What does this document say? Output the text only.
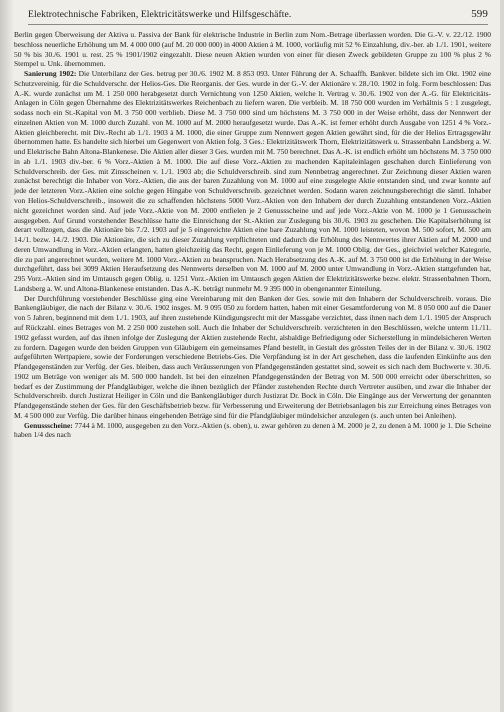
Elektrotechnische Fabriken, Elektricitätswerke und Hilfsgeschäfte.	599

Berlin gegen Überweisung der Aktiva u. Passiva der Bank für elektrische Industrie in Berlin zum Nom.-Betrage überlassen worden. Die G.-V. v. 22./12. 1900 beschloss neuerliche Erhöhung um M. 4 000 000 (auf M. 20 000 000) in 4000 Aktien à M. 1000, vorläufig mit 52 % Einzahlung, div.-ber. ab 1./1. 1901, weitere 50 % bis 30./6. 1901 u. rest. 25 % 1901/1902 eingezahlt. Diese neuen Aktien wurden von einer für diesen Zweck gebildeten Gruppe zu 100 % plus 2 % Stempel u. Unk. übernommen.

Sanierung 1902: Die Unterbilanz der Ges. betrug per 30./6. 1902 M. 8 853 093. Unter Führung der A. Schaaffh. Bankver. bildete sich im Okt. 1902 eine Schutzvereinig. für die Schuldverschr. der Helios-Ges. Die Reorganis. der Ges. wurde in der G.-V. der Aktionäre v. 28./10. 1902 in folg. Form beschlossen: Das A.-K. wurde zunächst um M. 1 250 000 herabgesetzt durch Vernichtung von 1250 Aktien, welche lt. Vertrag v. 30./6. 1902 von der A.-G. für Elektricitäts-Anlagen in Cöln gegen Übernahme des Elektrizitätswerkes Reichenbach zu liefern waren. Die verbleib. M. 18 750 000 wurden im Verhältnis 5 : 1 zusgelegt, sodass noch ein St.-Kapital von M. 3 750 000 verblieb. Diese M. 3 750 000 sind um höchstens M. 3 750 000 in der Weise erhöht, dass der Nennwert der einzelnen Aktien von M. 1000 durch Zuzahl. von M. 1000 auf M. 2000 heraufgesetzt wurde. Das A.-K. ist ferner erhöht durch Ausgabe von 1251 4 % Vorz.-Aktien gleichberecht. mit Div.-Recht ab 1./1. 1903 à M. 1000, die einer Gruppe zum Nennwert gegen Aktien gewährt sind, für die der Helios Ertragsgewähr übernommen hatte. Es handelte sich hierbei um Gegenwert von Aktien folg. 3 Ges.: Elektrizitätswerk Thorn, Elektrizitätswerk u. Strassenbahn Landsberg a. W. und Elektrische Bahn Altona-Blankenese. Die Aktien aller dieser 3 Ges. wurden mit M. 750 berechnet. Das A.-K. ist endlich erhöht um höchstens M. 3 750 000 in ab 1./1. 1903 div.-ber. 6 % Vorz.-Aktien à M. 1000. Die auf diese Vorz.-Aktien zu machenden Kapitaleinlagen geschahen durch Einlieferung von Schuldverschreib. der Ges. mit Zinsscheinen v. 1./1. 1903 ab; die Schuldverschreib. sind zum Nennbetrag angerechnet. Zur Zeichnung dieser Aktien waren zunächst berechtigt die Inhaber von Vorz.-Aktien, die aus der baren Zuzahlung von M. 1000 auf eine zusgelegte Aktie entstanden sind, und zwar konnte auf jede der letzteren Vorz.-Aktien eine solche gegen Hingabe von Schuldverschreib. gezeichnet werden. Sodann waren zeichnungsberechtigt die sämtl. Inhaber von Helios-Schuldverschreib., insoweit die zu schaffenden höchstens 5000 Vorz.-Aktien von den Inhabern der durch Zuzahlung entstandenen Vorz.-Aktien nicht gezeichnet worden sind. Auf jede Vorz.-Aktie von M. 2000 entfielen je 2 Genussscheine und auf jede Vorz.-Aktie von M. 1000 je 1 Genussschein ausgegeben. Auf Grund vorstehender Beschlüsse hatte die Einreichung der St.-Aktien zur Zuslegung bis 30./6. 1903 zu geschehen. Die Kapitalserhöhung ist derart vollzogen, dass die Aktionäre bis 7./2. 1903 auf je 5 eingereichte Aktien eine bare Zuzahlung von M. 1000 leisteten, wovon M. 500 sofort, M. 500 am 14./1. bezw. 14./2. 1903. Die Aktionäre, die sich zu dieser Zuzahlung verpflichteten und dadurch die Erhöhung des Nennwertes ihrer Aktien auf M. 2000 und deren Umwandlung in Vorz.-Aktien erlangten, hatten gleichzeitig das Recht, gegen Einlieferung von je M. 1000 Oblig. der Ges., gleichviel welcher Kategorie, die zu pari angerechnet wurden, weitere M. 1000 Vorz.-Aktien zu beanspruchen. Nach Herabsetzung des A.-K. auf M. 3 750 000 ist die Erhöhung in der Weise durchgeführt, dass bei 3099 Aktien Heraufsetzung des Nennwerts derselben von M. 1000 auf M. 2000 unter Umwandlung in Vorz.-Aktien stattgefunden hat, 295 Vorz.-Aktien sind im Umtausch gegen Oblig. u. 1251 Vorz.-Aktien im Umtausch gegen Aktien der Elektrizitätswerke bezw. elektr. Strassenbahnen Thorn, Landsberg a. W. und Altona-Blankenese entstanden. Das A.-K. beträgt nunmehr M. 9 395 000 in obengenannter Einteilung.

Der Durchführung vorstehender Beschlüsse ging eine Vereinbarung mit den Banken der Ges. sowie mit den Inhabern der Schuldverschreib. voraus. Die Bankengläubiger, die nach der Bilanz v. 30./6. 1902 insges. M. 9 095 050 zu fordern hatten, haben mit einer Gesamtforderung von M. 8 050 000 auf die Dauer von 5 Jahren, beginnend mit dem 1./1. 1903, auf ihren zustehende Kündigungsrecht mit der Massgabe verzichtet, dass ihnen nach dem 1./1. 1905 der Anspruch auf Rückzahl. eines Betrages von M. 2 250 000 zustehen soll. Auch die Inhaber der Schuldverschreib. verzichteten in den Beschlüssen, welche unterm 11./11. 1902 gefasst wurden, auf das ihnen infolge der Zuslegung der Aktien zustehende Recht, alsbaldige Befriedigung oder Sicherstellung in mündelsicheren Werten zu fordern. Dagegen wurde den beiden Gruppen von Gläubigern ein gemeinsames Pfand bestellt, in Gestalt des grössten Teiles der in der Bilanz v. 30./6. 1902 aufgeführten Wertpapiere, sowie der Forderungen verschiedene Betriebs-Ges. Die Verpfändung ist in der Art geschehen, dass die laufenden Einkünfte aus den Pfandgegenständen zur Verfüg. der Ges. bleiben, dass auch Veräusserungen von Pfandgegenständen gestattet sind, soweit es sich nach dem Buchwerte v. 30./6. 1902 um Beträge von weniger als M. 500 000 handelt. Ist bei den einzelnen Pfandgegenständen der Betrag von M. 500 000 erreicht oder überschritten, so bedarf es der Zustimmung der Pfandgläubiger, welche die ihnen bezüglich der Pfänder zustehenden Rechte durch Vertreter ausüben, und zwar die Inhaber der Schuldverschreib. durch Justizrat Heiliger in Cöln und die Bankengläubiger durch Justizrat Dr. Bock in Cöln. Die Eingänge aus der Verwertung der genannten Pfandgegenstände stehen der Ges. für den Geschäftsbetrieb bezw. für Verbesserung und Erweiterung der Betriebsanlagen bis zur Erreichung eines Betrages von M. 4 500 000 zur Verfüg. Die darüber hinaus eingehenden Beträge sind für die Pfandgläubiger mündelsicher anzulegen (s. auch unten bei Anleihen).

Genussscheine: 7744 à M. 1000, ausgegeben zu den Vorz.-Aktien (s. oben), u. zwar gehören zu denen à M. 2000 je 2, zu denen à M. 1000 je 1. Die Scheine haben 1/4 des nach
